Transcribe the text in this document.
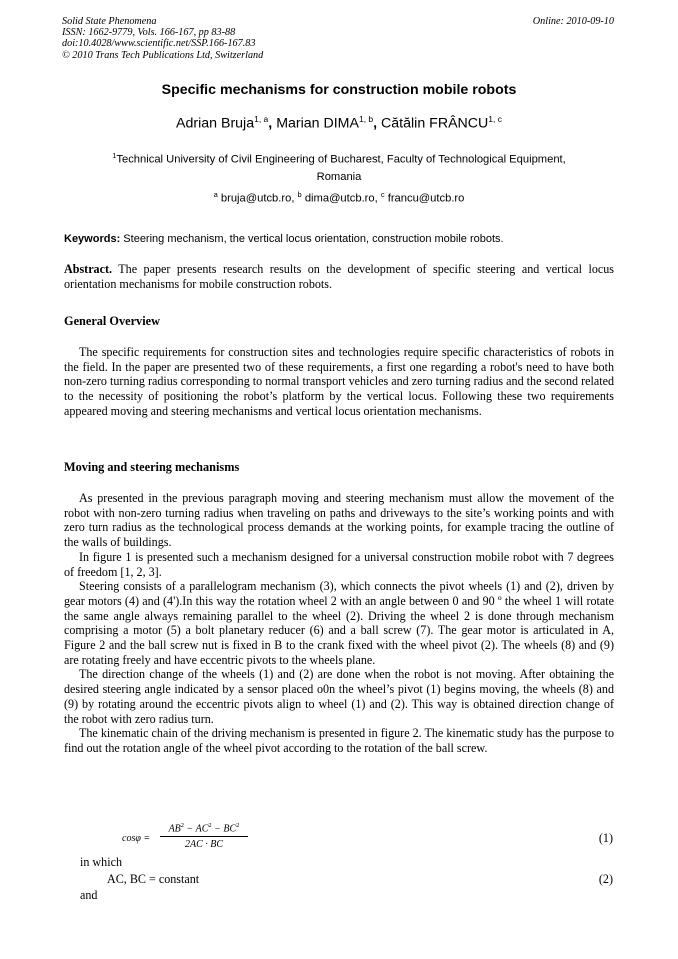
Solid State Phenomena
ISSN: 1662-9779, Vols. 166-167, pp 83-88
doi:10.4028/www.scientific.net/SSP.166-167.83
© 2010 Trans Tech Publications Ltd, Switzerland
Online: 2010-09-10
Specific mechanisms for construction mobile robots
Adrian Bruja$^{1, a}$, Marian DIMA$^{1, b}$, Cătălin FRÂNCU$^{1, c}$
$^1$Technical University of Civil Engineering of Bucharest, Faculty of Technological Equipment,
Romania
$^a$ bruja@utcb.ro, $^b$ dima@utcb.ro, $^c$ francu@utcb.ro
Keywords: Steering mechanism, the vertical locus orientation, construction mobile robots.

Abstract. The paper presents research results on the development of specific steering and vertical locus orientation mechanisms for mobile construction robots.

General Overview

The specific requirements for construction sites and technologies require specific characteristics of robots in the field. In the paper are presented two of these requirements, a first one regarding a robot's need to have both non-zero turning radius corresponding to normal transport vehicles and zero turning radius and the second related to the necessity of positioning the robot’s platform by the vertical locus. Following these two requirements appeared moving and steering mechanisms and vertical locus orientation mechanisms.

Moving and steering mechanisms

As presented in the previous paragraph moving and steering mechanism must allow the movement of the robot with non-zero turning radius when traveling on paths and driveways to the site’s working points and with zero turn radius as the technological process demands at the working points, for example tracing the outline of the walls of buildings.

In figure 1 is presented such a mechanism designed for a universal construction mobile robot with 7 degrees of freedom [1, 2, 3].

Steering consists of a parallelogram mechanism (3), which connects the pivot wheels (1) and (2), driven by gear motors (4) and (4').In this way the rotation wheel 2 with an angle between 0 and 90 º the wheel 1 will rotate the same angle always remaining parallel to the wheel (2). Driving the wheel 2 is done through mechanism comprising a motor (5) a bolt planetary reducer (6) and a ball screw (7). The gear motor is articulated in A, Figure 2 and the ball screw nut is fixed in B to the crank fixed with the wheel pivot (2). The wheels (8) and (9) are rotating freely and have eccentric pivots to the wheels plane.

The direction change of the wheels (1) and (2) are done when the robot is not moving. After obtaining the desired steering angle indicated by a sensor placed o0n the wheel’s pivot (1) begins moving, the wheels (8) and (9) by rotating around the eccentric pivots align to wheel (1) and (2). This way is obtained direction change of the robot with zero radius turn.

The kinematic chain of the driving mechanism is presented in figure 2. The kinematic study has the purpose to find out the rotation angle of the wheel pivot according to the rotation of the ball screw.

$\cos\varphi = \frac{AB^2 - AC^2 - BC^2}{2AC \cdot BC}$	(1)
in which
AC, BC = constant	(2)
and
